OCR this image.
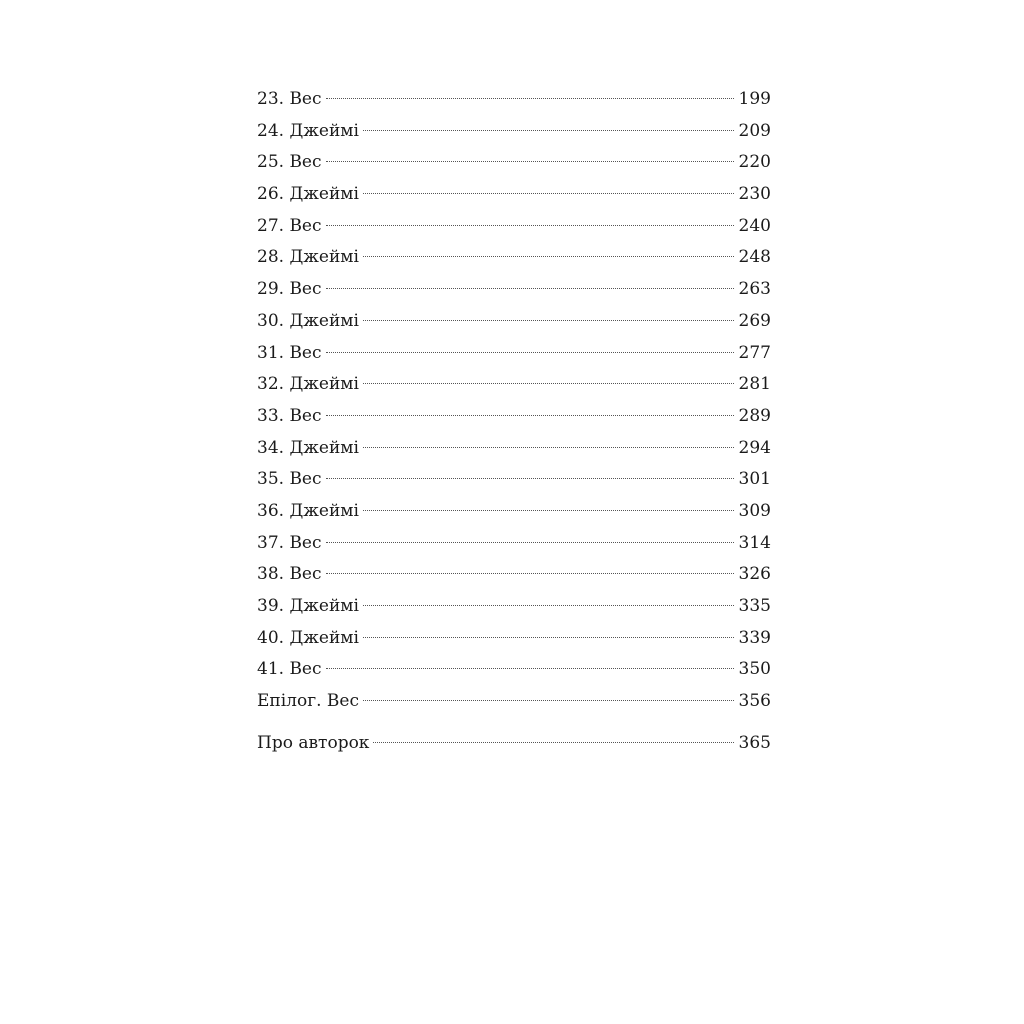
23. Вес	199
24. Джеймі	209
25. Вес	220
26. Джеймі	230
27. Вес	240
28. Джеймі	248
29. Вес	263
30. Джеймі	269
31. Вес	277
32. Джеймі	281
33. Вес	289
34. Джеймі	294
35. Вес	301
36. Джеймі	309
37. Вес	314
38. Вес	326
39. Джеймі	335
40. Джеймі	339
41. Вес	350
Епілог. Вес	356
Про авторок	365
